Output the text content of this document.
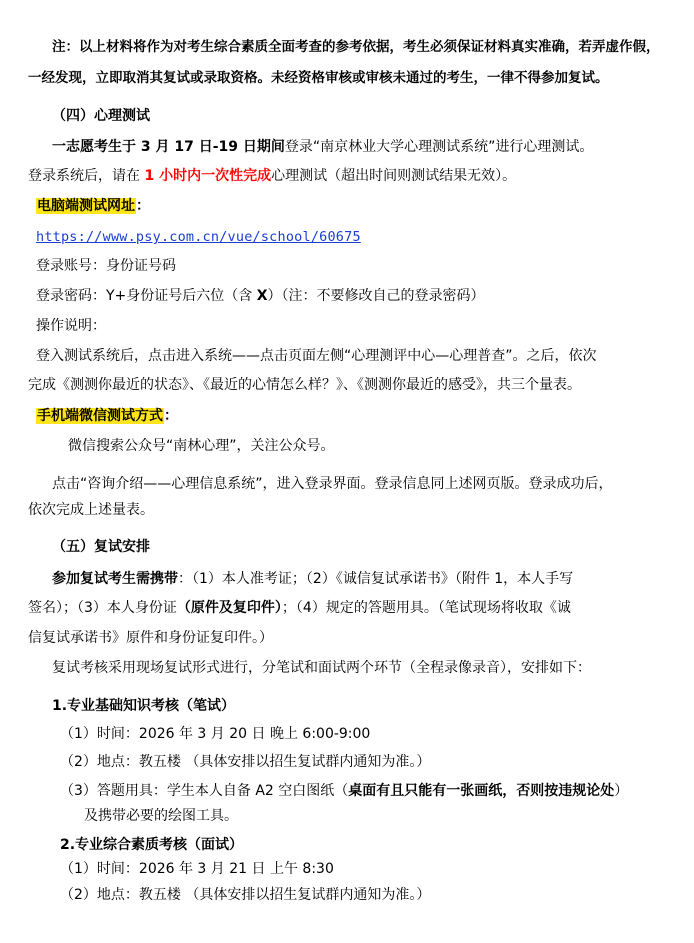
注：以上材料将作为对考生综合素质全面考查的参考依据，考生必须保证材料真实准确，若弄虚作假，
一经发现，立即取消其复试或录取资格。未经资格审核或审核未通过的考生，一律不得参加复试。
（四）心理测试
一志愿考生于 3 月 17 日-19 日期间登录“南京林业大学心理测试系统”进行心理测试。
登录系统后，请在 1 小时内一次性完成心理测试（超出时间则测试结果无效）。
电脑端测试网址：
https://www.psy.com.cn/vue/school/60675
登录账号：身份证号码
登录密码：Y+身份证号后六位（含 X）（注：不要修改自己的登录密码）
操作说明：
登入测试系统后，点击进入系统——点击页面左侧“心理测评中心—心理普查”。之后，依次
完成《测测你最近的状态》、《最近的心情怎么样？》、《测测你最近的感受》，共三个量表。
手机端微信测试方式：
微信搜索公众号“南林心理”，关注公众号。
点击“咨询介绍——心理信息系统”，进入登录界面。登录信息同上述网页版。登录成功后，
依次完成上述量表。
（五）复试安排
参加复试考生需携带：（1）本人准考证；（2）《诚信复试承诺书》（附件 1，本人手写
签名）；（3）本人身份证（原件及复印件）；（4）规定的答题用具。（笔试现场将收取《诚
信复试承诺书》原件和身份证复印件。）
复试考核采用现场复试形式进行，分笔试和面试两个环节（全程录像录音），安排如下：
1.专业基础知识考核（笔试）
（1）时间：2026 年 3 月 20 日 晚上 6:00-9:00
（2）地点：教五楼 （具体安排以招生复试群内通知为准。）
（3）答题用具：学生本人自备 A2 空白图纸（桌面有且只能有一张画纸，否则按违规论处）
及携带必要的绘图工具。
2.专业综合素质考核（面试）
（1）时间：2026 年 3 月 21 日 上午 8:30
（2）地点：教五楼 （具体安排以招生复试群内通知为准。）
